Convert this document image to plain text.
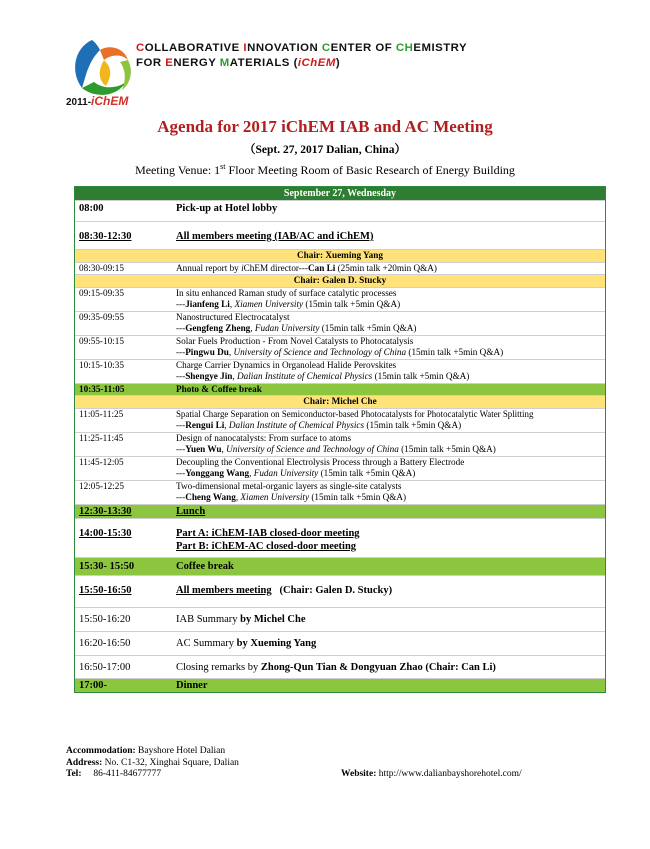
COLLABORATIVE INNOVATION CENTER OF CHEMISTRY
FOR ENERGY MATERIALS (iChEM)
2011-iChEM
Agenda for 2017 iChEM IAB and AC Meeting
（Sept. 27, 2017 Dalian, China）
Meeting Venue: 1st Floor Meeting Room of Basic Research of Energy Building
September 27, Wednesday
08:00	Pick-up at Hotel lobby
08:30-12:30	All members meeting (IAB/AC and iChEM)
Chair: Xueming Yang
08:30-09:15	Annual report by iChEM director---Can Li (25min talk +20min Q&A)
Chair: Galen D. Stucky
09:15-09:35	In situ enhanced Raman study of surface catalytic processes
---Jianfeng Li, Xiamen University (15min talk +5min Q&A)
09:35-09:55	Nanostructured Electrocatalyst
---Gengfeng Zheng, Fudan University (15min talk +5min Q&A)
09:55-10:15	Solar Fuels Production - From Novel Catalysts to Photocatalysis
---Pingwu Du, University of Science and Technology of China (15min talk +5min Q&A)
10:15-10:35	Charge Carrier Dynamics in Organolead Halide Perovskites
---Shengye Jin, Dalian Institute of Chemical Physics (15min talk +5min Q&A)
10:35-11:05	Photo & Coffee break
Chair: Michel Che
11:05-11:25	Spatial Charge Separation on Semiconductor-based Photocatalysts for Photocatalytic Water Splitting
---Rengui Li, Dalian Institute of Chemical Physics (15min talk +5min Q&A)
11:25-11:45	Design of nanocatalysts: From surface to atoms
---Yuen Wu, University of Science and Technology of China (15min talk +5min Q&A)
11:45-12:05	Decoupling the Conventional Electrolysis Process through a Battery Electrode
---Yonggang Wang, Fudan University (15min talk +5min Q&A)
12:05-12:25	Two-dimensional metal-organic layers as single-site catalysts
---Cheng Wang, Xiamen University (15min talk +5min Q&A)
12:30-13:30	Lunch
14:00-15:30	Part A: iChEM-IAB closed-door meeting
Part B: iChEM-AC closed-door meeting
15:30- 15:50	Coffee break
15:50-16:50	All members meeting   (Chair: Galen D. Stucky)
15:50-16:20	IAB Summary by Michel Che
16:20-16:50	AC Summary by Xueming Yang
16:50-17:00	Closing remarks by Zhong-Qun Tian & Dongyuan Zhao (Chair: Can Li)
17:00-	Dinner
Accommodation: Bayshore Hotel Dalian
Address: No. C1-32, Xinghai Square, Dalian
Tel: 86-411-84677777	Website: http://www.dalianbayshorehotel.com/
